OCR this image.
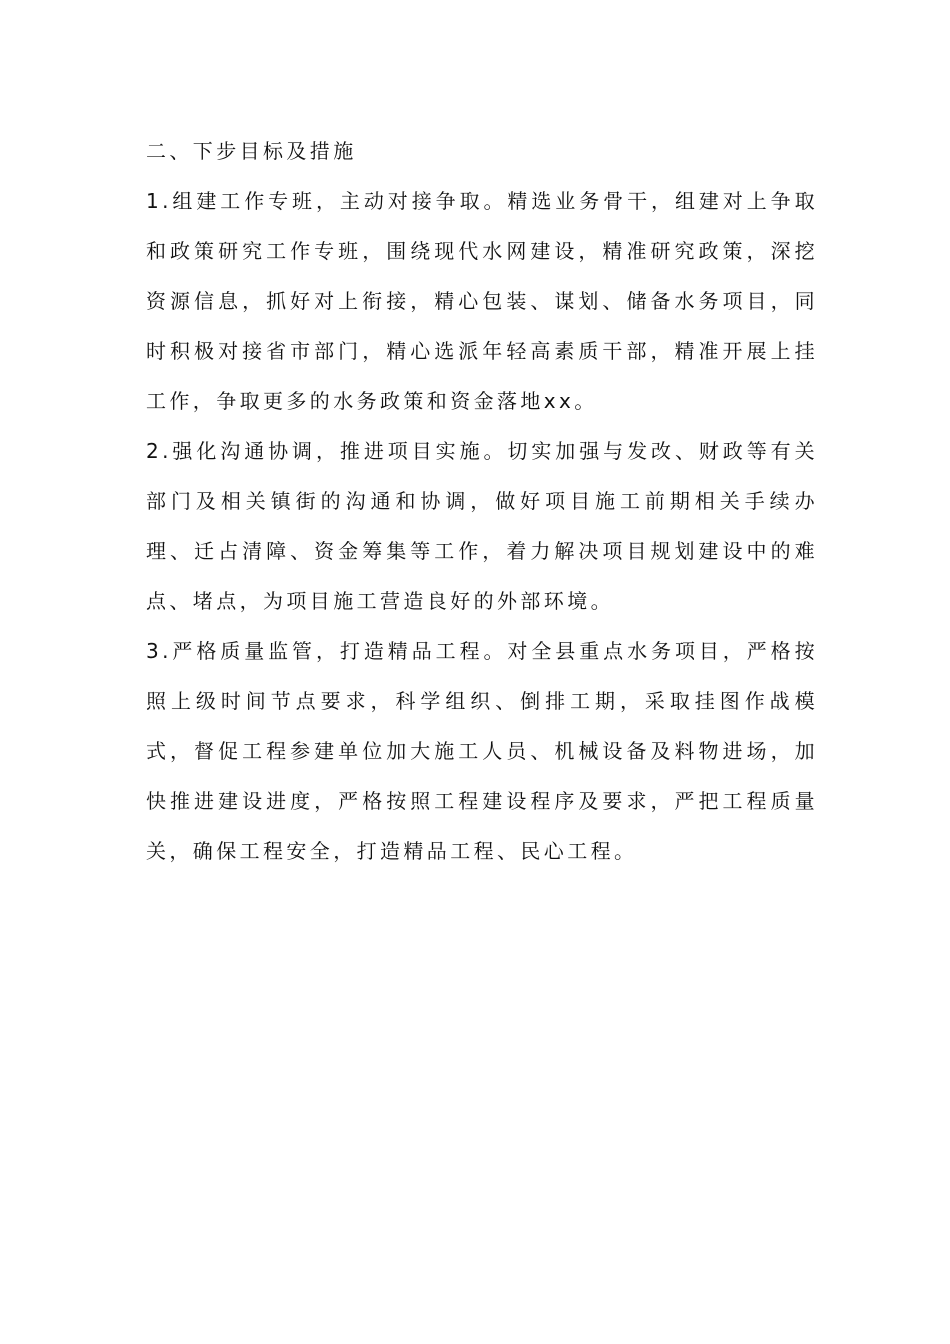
二、下步目标及措施

1.组建工作专班，主动对接争取。精选业务骨干，组建对上争取和政策研究工作专班，围绕现代水网建设，精准研究政策，深挖资源信息，抓好对上衔接，精心包装、谋划、储备水务项目，同时积极对接省市部门，精心选派年轻高素质干部，精准开展上挂工作，争取更多的水务政策和资金落地xx。

2.强化沟通协调，推进项目实施。切实加强与发改、财政等有关部门及相关镇街的沟通和协调，做好项目施工前期相关手续办理、迁占清障、资金筹集等工作，着力解决项目规划建设中的难点、堵点，为项目施工营造良好的外部环境。

3.严格质量监管，打造精品工程。对全县重点水务项目，严格按照上级时间节点要求，科学组织、倒排工期，采取挂图作战模式，督促工程参建单位加大施工人员、机械设备及料物进场，加快推进建设进度，严格按照工程建设程序及要求，严把工程质量关，确保工程安全，打造精品工程、民心工程。
